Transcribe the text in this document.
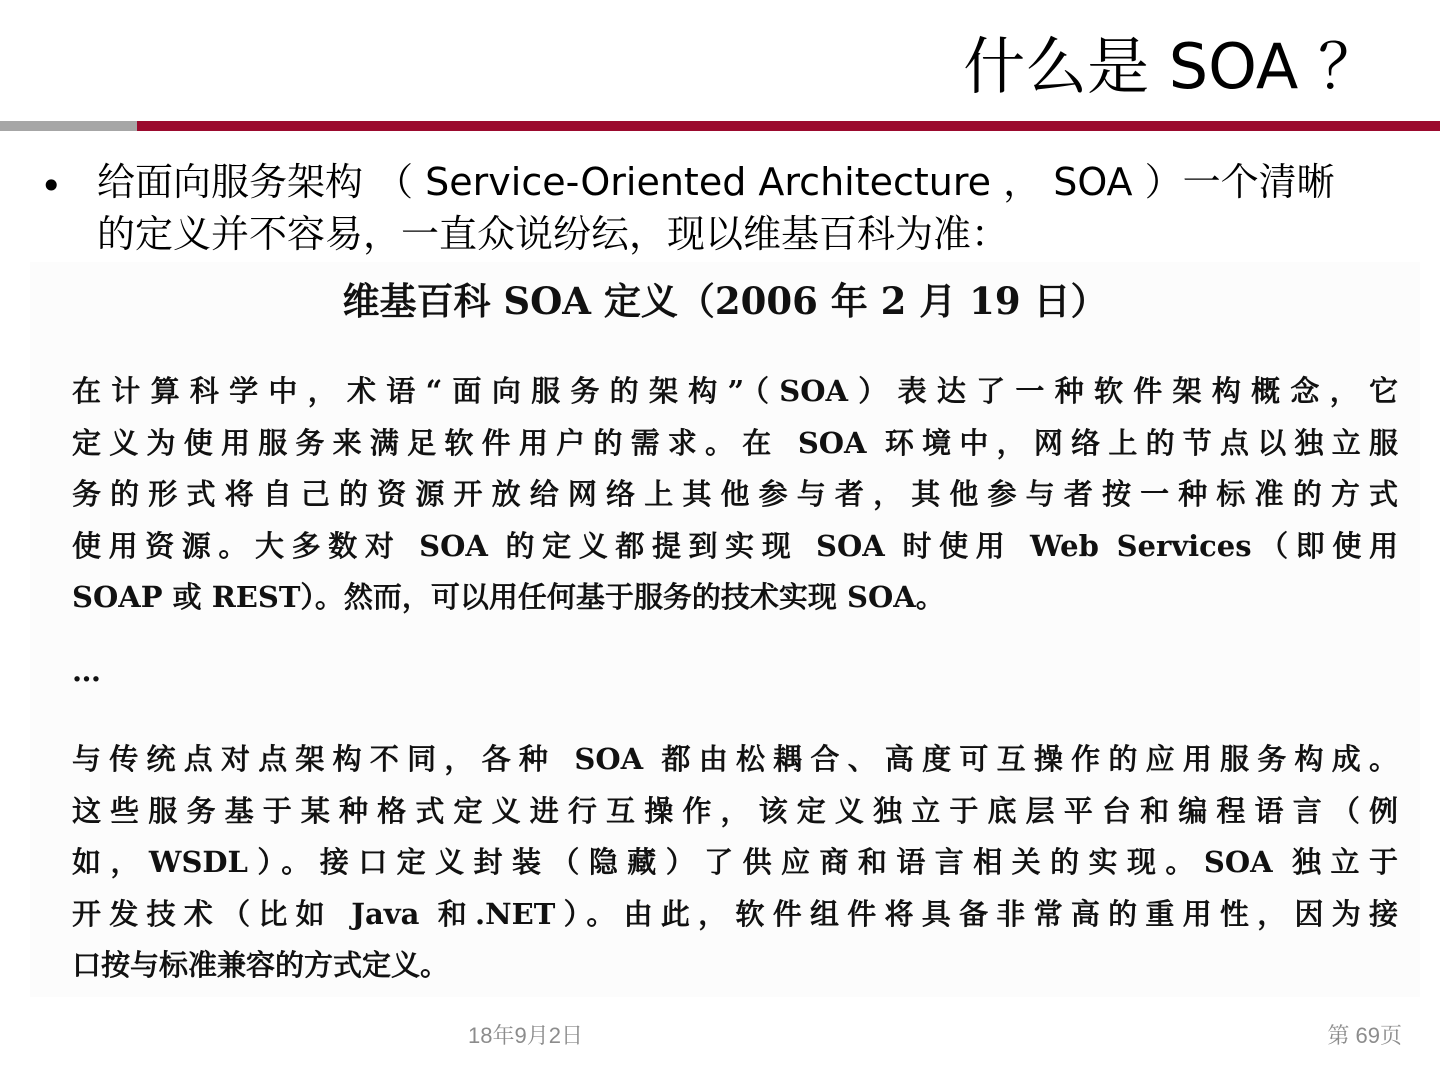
什么是 SOA ？
• 给面向服务架构 （ Service-Oriented Architecture ， SOA ）一个清晰
的定义并不容易，一直众说纷纭，现以维基百科为准：
维基百科 SOA 定义（2006 年 2 月 19 日）
在计算科学中，术语“面向服务的架构”（SOA）表达了一种软件架构概念，它
定义为使用服务来满足软件用户的需求。在 SOA 环境中，网络上的节点以独立服
务的形式将自己的资源开放给网络上其他参与者，其他参与者按一种标准的方式
使用资源。大多数对 SOA 的定义都提到实现 SOA 时使用 Web Services（即使用
SOAP 或 REST）。然而，可以用任何基于服务的技术实现 SOA。
…
与传统点对点架构不同，各种 SOA 都由松耦合、高度可互操作的应用服务构成。
这些服务基于某种格式定义进行互操作，该定义独立于底层平台和编程语言（例
如，WSDL）。接口定义封装（隐藏）了供应商和语言相关的实现。SOA 独立于
开发技术（比如 Java 和.NET）。由此，软件组件将具备非常高的重用性，因为接
口按与标准兼容的方式定义。
18年9月2日	第 69页
